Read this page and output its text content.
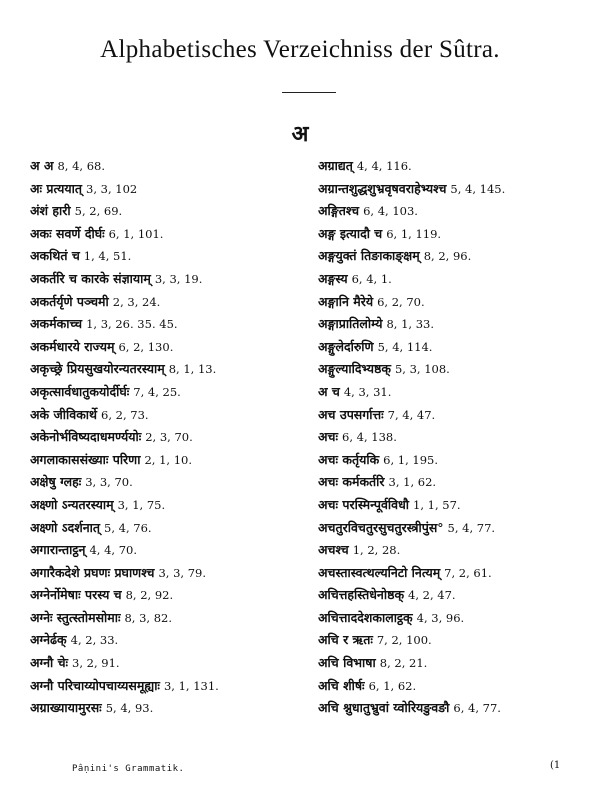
Alphabetisches Verzeichniss der Sûtra.
अ
अ अ 8, 4, 68.
अः प्रत्ययात् 3, 3, 102
अंशं हारी 5, 2, 69.
अकः सवर्णे दीर्घः 6, 1, 101.
अकथितं च 1, 4, 51.
अकर्तरि च कारके संज्ञायाम् 3, 3, 19.
अकर्तर्यृणे पञ्चमी 2, 3, 24.
अकर्मकाच्च 1, 3, 26. 35. 45.
अकर्मधारये राज्यम् 6, 2, 130.
अकृच्छ्रे प्रियसुखयोरन्यतरस्याम् 8, 1, 13.
अकृत्सार्वधातुकयोर्दीर्घः 7, 4, 25.
अके जीविकार्थे 6, 2, 73.
अकेनोर्भविष्यदाधमर्ण्ययोः 2, 3, 70.
अगलाकाससंख्याः परिणा 2, 1, 10.
अक्षेषु ग्लहः 3, 3, 70.
अक्ष्णो ऽन्यतरस्याम् 3, 1, 75.
अक्ष्णो ऽदर्शनात् 5, 4, 76.
अगारान्ताट्ठन् 4, 4, 70.
अगारैकदेशे प्रघणः प्रघाणश्च 3, 3, 79.
अग्नेर्नोमेषाः परस्य च 8, 2, 92.
अग्नेः स्तुत्स्तोमसोमाः 8, 3, 82.
अग्नेर्ढक् 4, 2, 33.
अग्नौ चेः 3, 2, 91.
अग्नौ परिचाय्योपचाय्यसमूह्याः 3, 1, 131.
अग्राख्यायामुरसः 5, 4, 93.
अग्राद्यत् 4, 4, 116.
अग्रान्तशुद्धशुभ्रवृषवराहेभ्यश्च 5, 4, 145.
अङ्गितश्च 6, 4, 103.
अङ्ग इत्यादौ च 6, 1, 119.
अङ्गयुक्तं तिङाकाङ्क्षम् 8, 2, 96.
अङ्गस्य 6, 4, 1.
अङ्गानि मैरेये 6, 2, 70.
अङ्गाप्रातिलोम्ये 8, 1, 33.
अङ्गुलेर्दारुणि 5, 4, 114.
अङ्गुल्यादिभ्यष्ठक् 5, 3, 108.
अ च 4, 3, 31.
अच उपसर्गात्तः 7, 4, 47.
अचः 6, 4, 138.
अचः कर्तृयकि 6, 1, 195.
अचः कर्मकर्तरि 3, 1, 62.
अचः परस्मिन्पूर्वविधौ 1, 1, 57.
अचतुरविचतुरसुचतुरस्त्रीपुंस° 5, 4, 77.
अचश्च 1, 2, 28.
अचस्तास्वत्थल्यनिटो नित्यम् 7, 2, 61.
अचित्तहस्तिधेनोष्ठक् 4, 2, 47.
अचित्ताददेशकालाट्ठक् 4, 3, 96.
अचि र ऋतः 7, 2, 100.
अचि विभाषा 8, 2, 21.
अचि शीर्षः 6, 1, 62.
अचि श्नुधातुभ्रुवां य्वोरियङुवङौ 6, 4, 77.
Pâṇini's Grammatik.	(1
